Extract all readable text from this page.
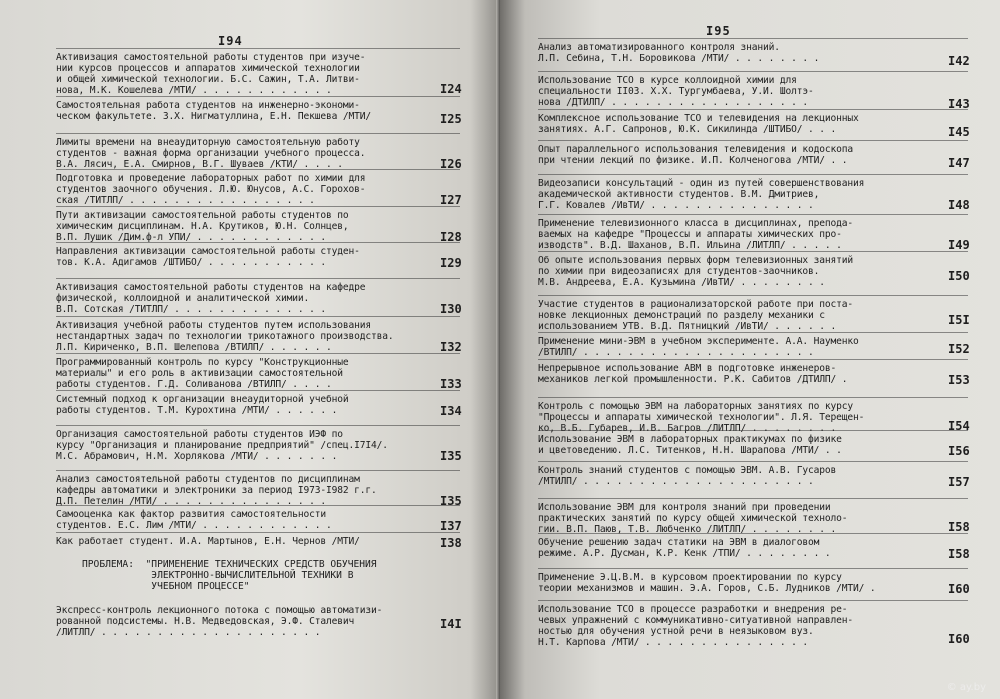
I94
Активизация самостоятельной работы студентов при изуче-
нии курсов процессов и аппаратов химической технологии
и общей химической технологии. Б.С. Сажин, Т.А. Литви-
нова, М.К. Кошелева /МТИ/ . . . . . . . . . . . .	I24
Самостоятельная работа студентов на инженерно-экономи-
ческом факультете. З.Х. Нигматуллина, Е.Н. Пекшева /МТИ/	I25
Лимиты времени на внеаудиторную самостоятельную работу
студентов - важная форма организации учебного процесса.
В.А. Лясич, Е.А. Смирнов, В.Г. Шуваев /КТИ/ . . . .	I26
Подготовка и проведение лабораторных работ по химии для
студентов заочного обучения. Л.Ю. Юнусов, А.С. Горохов-
ская /ТИТЛП/ . . . . . . . . . . . . . . . . .	I27
Пути активизации самостоятельной работы студентов по
химическим дисциплинам. Н.А. Крутиков, Ю.Н. Солнцев,
В.П. Лушик /Дим.ф-л УПИ/ . . . . . . . . . . . .	I28
Направления активизации самостоятельной работы студен-
тов. К.А. Адигамов /ШТИБО/ . . . . . . . . . . .	I29
Активизация самостоятельной работы студентов на кафедре
физической, коллоидной и аналитической химии.
В.П. Сотская /ТИТЛП/ . . . . . . . . . . . . . .	I30
Активизация учебной работы студентов путем использования
нестандартных задач по технологии трикотажного производства.
Л.П. Кириченко, В.П. Шелепова /ВТИЛП/ . . . . . .	I32
Программированный контроль по курсу "Конструкционные
материалы" и его роль в активизации самостоятельной
работы студентов. Г.Д. Соливанова /ВТИЛП/ . . . .	I33
Системный подход к организации внеаудиторной учебной
работы студентов. Т.М. Курохтина /МТИ/ . . . . . .	I34
Организация самостоятельной работы студентов ИЭФ по
курсу "Организация и планирование предприятий" /спец.I7I4/.
М.С. Абрамович, Н.М. Хорлякова /МТИ/ . . . . . . .	I35
Анализ самостоятельной работы студентов по дисциплинам
кафедры автоматики и электроники за период I973-I982 г.г.
Д.П. Петелин /МТИ/ . . . . . . . . . . . . . . .	I35
Самооценка как фактор развития самостоятельности
студентов. Е.С. Лим /МТИ/ . . . . . . . . . . . .	I37
Как работает студент. И.А. Мартынов, Е.Н. Чернов /МТИ/	I38
ПРОБЛЕМА:  "ПРИМЕНЕНИЕ ТЕХНИЧЕСКИХ СРЕДСТВ ОБУЧЕНИЯ
ЭЛЕКТРОННО-ВЫЧИСЛИТЕЛЬНОЙ ТЕХНИКИ В
УЧЕБНОМ ПРОЦЕССЕ"
Экспресс-контроль лекционного потока с помощью автоматизи-
рованной подсистемы. Н.В. Медведовская, Э.Ф. Сталевич
/ЛИТЛП/ . . . . . . . . . . . . . . . . . . . .
I4I
I95
Анализ автоматизированного контроля знаний.
Л.П. Себина, Т.Н. Боровикова /МТИ/ . . . . . . . .	I42
Использование ТСО в курсе коллоидной химии для
специальности II03. Х.Х. Тургумбаева, У.И. Шолтэ-
нова /ДТИЛП/ . . . . . . . . . . . . . . . . . .	I43
Комплексное использование ТСО и телевидения на лекционных
занятиях. А.Г. Сапронов, Ю.К. Сикилинда /ШТИБО/ . . .	I45
Опыт параллельного использования телевидения и кодоскопа
при чтении лекций по физике. И.П. Колченогова /МТИ/ . .	I47
Видеозаписи консультаций - один из путей совершенствования
академической активности студентов. В.М. Дмитриев,
Г.Г. Ковалев /ИвТИ/ . . . . . . . . . . . . . . .	I48
Применение телевизионного класса в дисциплинах, препода-
ваемых на кафедре "Процессы и аппараты химических про-
изводств". В.Д. Шаханов, В.П. Ильина /ЛИТЛП/ . . . . .	I49
Об опыте использования первых форм телевизионных занятий
по химии при видеозаписях для студентов-заочников.
М.В. Андреева, Е.А. Кузьмина /ИвТИ/ . . . . . . . .	I50
Участие студентов в рационализаторской работе при поста-
новке лекционных демонстраций по разделу механики с
использованием УТВ. В.Д. Пятницкий /ИвТИ/ . . . . . .	I5I
Применение мини-ЭВМ в учебном эксперименте. А.А. Науменко
/ВТИЛП/ . . . . . . . . . . . . . . . . . . . . .	I52
Непрерывное использование АВМ в подготовке инженеров-
механиков легкой промышленности. Р.К. Сабитов /ДТИЛП/ .	I53
Контроль с помощью ЭВМ на лабораторных занятиях по курсу
"Процессы и аппараты химической технологии". Л.Я. Терещен-
ко, В.Б. Губарев, И.В. Багров /ЛИТЛП/ . . . . . . . .	I54
Использование ЭВМ в лабораторных практикумах по физике
и цветоведению. Л.С. Титенков, Н.Н. Шарапова /МТИ/ . .	I56
Контроль знаний студентов с помощью ЭВМ. А.В. Гусаров
/МТИЛП/ . . . . . . . . . . . . . . . . . . . . .	I57
Использование ЭВМ для контроля знаний при проведении
практических занятий по курсу общей химической техноло-
гии. В.П. Паюв, Т.В. Любченко /ЛИТЛП/ . . . . . . . .	I58
Обучение решению задач статики на ЭВМ в диалоговом
режиме. А.Р. Дусман, К.Р. Кенк /ТПИ/ . . . . . . . .	I58
Применение Э.Ц.В.М. в курсовом проектировании по курсу
теории механизмов и машин. Э.А. Горов, С.Б. Лудников /МТИ/ .	I60
Использование ТСО в процессе разработки и внедрения ре-
чевых упражнений с коммуникативно-ситуативной направлен-
ностью для обучения устной речи в неязыковом вуз.
Н.Т. Карпова /МТИ/ . . . . . . . . . . . . . . .	I60
© ay.by
